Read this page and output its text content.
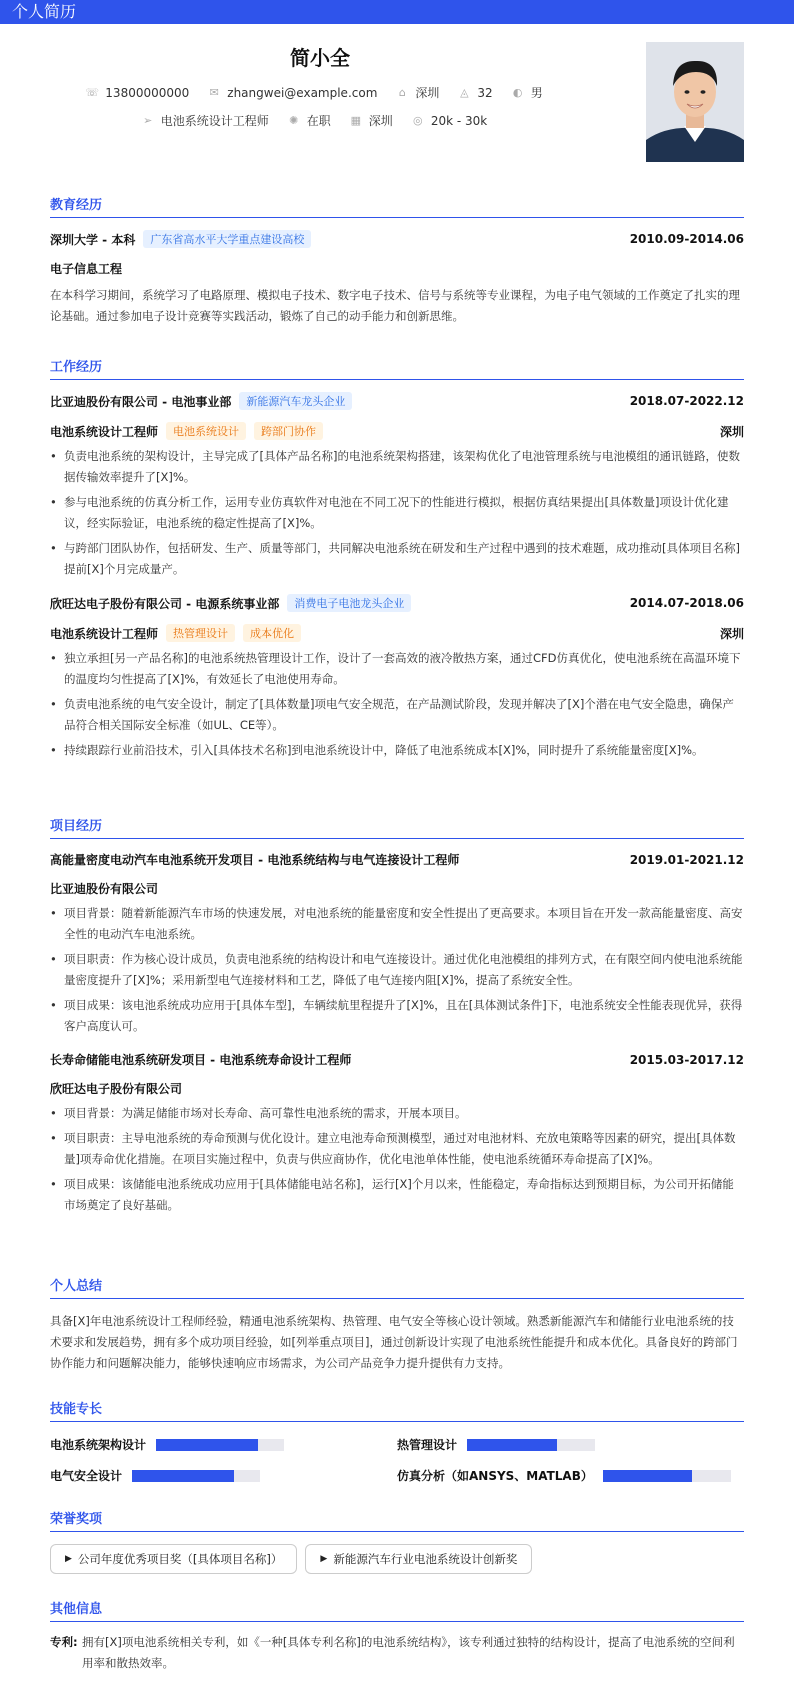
个人简历
简小全
☏ 13800000000 ✉ zhangwei@example.com	⌂ 深圳 ◬ 32 ◐ 男
➢ 电池系统设计工程师 ✺ 在职 ▦ 深圳 ◎ 20k - 30k
教育经历
深圳大学 - 本科	广东省高水平大学重点建设高校	2010.09-2014.06
电子信息工程
在本科学习期间，系统学习了电路原理、模拟电子技术、数字电子技术、信号与系统等专业课程，为电子电气领域的工作奠定了扎实的理论基础。通过参加电子设计竞赛等实践活动，锻炼了自己的动手能力和创新思维。
工作经历
比亚迪股份有限公司 - 电池事业部	新能源汽车龙头企业	2018.07-2022.12
电池系统设计工程师	电池系统设计	跨部门协作	深圳
• 负责电池系统的架构设计，主导完成了[具体产品名称]的电池系统架构搭建，该架构优化了电池管理系统与电池模组的通讯链路，使数据传输效率提升了[X]%。
• 参与电池系统的仿真分析工作，运用专业仿真软件对电池在不同工况下的性能进行模拟，根据仿真结果提出[具体数量]项设计优化建议，经实际验证，电池系统的稳定性提高了[X]%。
• 与跨部门团队协作，包括研发、生产、质量等部门，共同解决电池系统在研发和生产过程中遇到的技术难题，成功推动[具体项目名称]提前[X]个月完成量产。
欣旺达电子股份有限公司 - 电源系统事业部	消费电子电池龙头企业	2014.07-2018.06
电池系统设计工程师	热管理设计	成本优化	深圳
• 独立承担[另一产品名称]的电池系统热管理设计工作，设计了一套高效的液冷散热方案，通过CFD仿真优化，使电池系统在高温环境下的温度均匀性提高了[X]%，有效延长了电池使用寿命。
• 负责电池系统的电气安全设计，制定了[具体数量]项电气安全规范，在产品测试阶段，发现并解决了[X]个潜在电气安全隐患，确保产品符合相关国际安全标准（如UL、CE等）。
• 持续跟踪行业前沿技术，引入[具体技术名称]到电池系统设计中，降低了电池系统成本[X]%，同时提升了系统能量密度[X]%。
项目经历
高能量密度电动汽车电池系统开发项目 - 电池系统结构与电气连接设计工程师	2019.01-2021.12
比亚迪股份有限公司
• 项目背景：随着新能源汽车市场的快速发展，对电池系统的能量密度和安全性提出了更高要求。本项目旨在开发一款高能量密度、高安全性的电动汽车电池系统。
• 项目职责：作为核心设计成员，负责电池系统的结构设计和电气连接设计。通过优化电池模组的排列方式，在有限空间内使电池系统能量密度提升了[X]%；采用新型电气连接材料和工艺，降低了电气连接内阻[X]%，提高了系统安全性。
• 项目成果：该电池系统成功应用于[具体车型]，车辆续航里程提升了[X]%，且在[具体测试条件]下，电池系统安全性能表现优异，获得客户高度认可。
长寿命储能电池系统研发项目 - 电池系统寿命设计工程师	2015.03-2017.12
欣旺达电子股份有限公司
• 项目背景：为满足储能市场对长寿命、高可靠性电池系统的需求，开展本项目。
• 项目职责：主导电池系统的寿命预测与优化设计。建立电池寿命预测模型，通过对电池材料、充放电策略等因素的研究，提出[具体数量]项寿命优化措施。在项目实施过程中，负责与供应商协作，优化电池单体性能，使电池系统循环寿命提高了[X]%。
• 项目成果：该储能电池系统成功应用于[具体储能电站名称]，运行[X]个月以来，性能稳定，寿命指标达到预期目标，为公司开拓储能市场奠定了良好基础。
个人总结
具备[X]年电池系统设计工程师经验，精通电池系统架构、热管理、电气安全等核心设计领域。熟悉新能源汽车和储能行业电池系统的技术要求和发展趋势，拥有多个成功项目经验，如[列举重点项目]，通过创新设计实现了电池系统性能提升和成本优化。具备良好的跨部门协作能力和问题解决能力，能够快速响应市场需求，为公司产品竞争力提升提供有力支持。
技能专长
电池系统架构设计	热管理设计
电气安全设计	仿真分析（如ANSYS、MATLAB）
荣誉奖项
▶ 公司年度优秀项目奖（[具体项目名称]）	▶ 新能源汽车行业电池系统设计创新奖
其他信息
专利: 拥有[X]项电池系统相关专利，如《一种[具体专利名称]的电池系统结构》，该专利通过独特的结构设计，提高了电池系统的空间利用率和散热效率。
